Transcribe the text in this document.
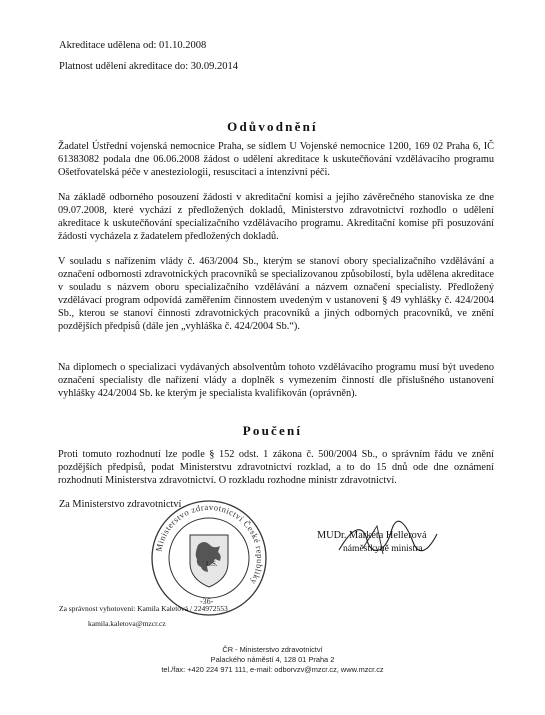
Akreditace udělena od: 01.10.2008
Platnost udělení akreditace do: 30.09.2014
Odůvodnění
Žadatel Ústřední vojenská nemocnice Praha, se sídlem U Vojenské nemocnice 1200, 169 02 Praha 6, IČ 61383082 podala dne 06.06.2008 žádost o udělení akreditace k uskutečňování vzdělávacího programu Ošetřovatelská péče v anesteziologii, resuscitaci a intenzivní péči.
Na základě odborného posouzení žádosti v akreditační komisi a jejího závěrečného stanoviska ze dne 09.07.2008, které vychází z předložených dokladů, Ministerstvo zdravotnictví rozhodlo o udělení akreditace k uskutečňování specializačního vzdělávacího programu. Akreditační komise při posuzování žádosti vycházela z žadatelem předložených dokladů.
V souladu s nařízením vlády č. 463/2004 Sb., kterým se stanoví obory specializačního vzdělávání a označení odbornosti zdravotnických pracovníků se specializovanou způsobilostí, byla udělena akreditace v souladu s názvem oboru specializačního vzdělávání a názvem označení specialisty. Předložený vzdělávací program odpovídá zaměřením činnostem uvedeným v ustanovení § 49 vyhlášky č. 424/2004 Sb., kterou se stanoví činnosti zdravotnických pracovníků a jiných odborných pracovníků, ve znění pozdějších předpisů (dále jen „vyhláška č. 424/2004 Sb.“).
Na diplomech o specializaci vydávaných absolventům tohoto vzdělávacího programu musí být uvedeno označení specialisty dle nařízení vlády a doplněk s vymezením činností dle příslušného ustanovení vyhlášky 424/2004 Sb. ke kterým je specialista kvalifikován (oprávněn).
Poučení
Proti tomuto rozhodnutí lze podle § 152 odst. 1 zákona č. 500/2004 Sb., o správním řádu ve znění pozdějších předpisů, podat Ministerstvu zdravotnictví rozklad, a to do 15 dnů ode dne oznámení rozhodnutí Ministerstva zdravotnictví. O rozkladu rozhodne ministr zdravotnictví.
Za Ministerstvo zdravotnictví
Ministerstvo zdravotnictví České republiky
L.S.
-36-
MUDr. Markéta Hellerová
náměstkyně ministra
Za správnost vyhotovení: Kamila Kaletová / 224972553
kamila.kaletova@mzcr.cz
ČR - Ministerstvo zdravotnictví
Palackého náměstí 4, 128 01 Praha 2
tel./fax: +420 224 971 111, e-mail: odborvzv@mzcr.cz, www.mzcr.cz
